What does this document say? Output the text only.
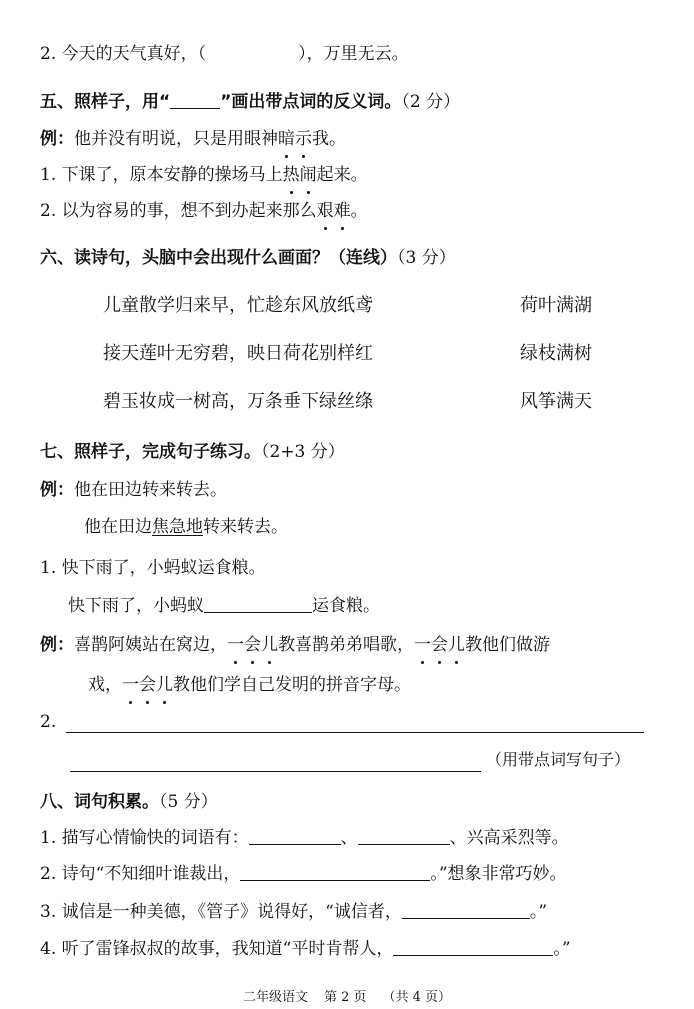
2. 今天的天气真好，（	），万里无云。
五、照样子，用“	”画出带点词的反义词。（2 分）
例：他并没有明说，只是用眼神暗示我。
1. 下课了，原本安静的操场马上热闹起来。
2. 以为容易的事，想不到办起来那么艰难。
六、读诗句，头脑中会出现什么画面？（连线）（3 分）
儿童散学归来早，忙趁东风放纸鸢	荷叶满湖
接天莲叶无穷碧，映日荷花别样红	绿枝满树
碧玉妆成一树高，万条垂下绿丝绦	风筝满天
七、照样子，完成句子练习。（2+3 分）
例：他在田边转来转去。
他在田边焦急地转来转去。
1. 快下雨了，小蚂蚁运食粮。
快下雨了，小蚂蚁	运食粮。
例：喜鹊阿姨站在窝边，一会儿教喜鹊弟弟唱歌，一会儿教他们做游
戏，一会儿教他们学自己发明的拼音字母。
2.
（用带点词写句子）
八、词句积累。（5 分）
1. 描写心情愉快的词语有：	、	、兴高采烈等。
2. 诗句“不知细叶谁裁出，	。”想象非常巧妙。
3. 诚信是一种美德，《管子》说得好，“诚信者，	。”
4. 听了雷锋叔叔的故事，我知道“平时肯帮人，	。”
二年级语文 第 2 页 （共 4 页）
